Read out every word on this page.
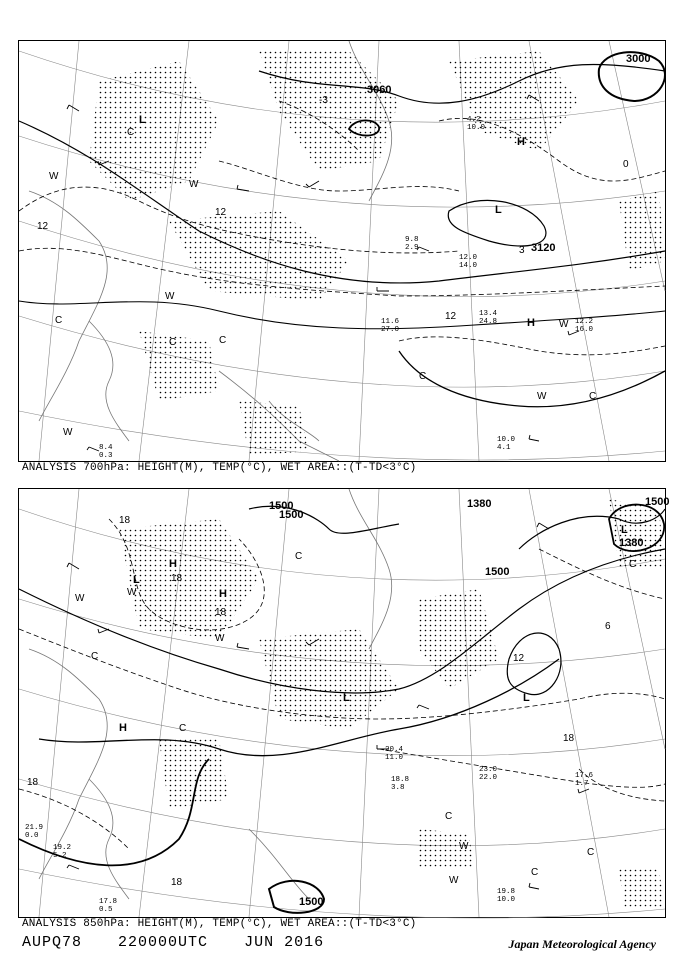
3000
3060
3120
12
12
12
0
-3
3
L
L
H
H
W
W
W
W
W
W
C
C
C	C
C
C
10.0
4.1
11.6
27.0
13.4
24.8	12.2
16.0
12.0
14.0
9.8
2.9
4.2
10.0
8.4
0.3
ANALYSIS 700hPa: HEIGHT(M), TEMP(°C), WET AREA::(T-TD<3°C)
1500
1500
1380
1380
1500
1500
1500
18
18
18
12
18
18
18
6
L
H
H
H
L	L
L
W
W
W
W
W
C
C
C
C
C
C
C
19.8
10.0
23.0
22.0
18.8
3.8
20.4
11.0
17.6
1.7
17.8
0.5
19.2
5.2
21.9
0.0
ANALYSIS 850hPa: HEIGHT(M), TEMP(°C), WET AREA::(T-TD<3°C)
AUPQ78 220000UTC JUN 2016	Japan Meteorological Agency
